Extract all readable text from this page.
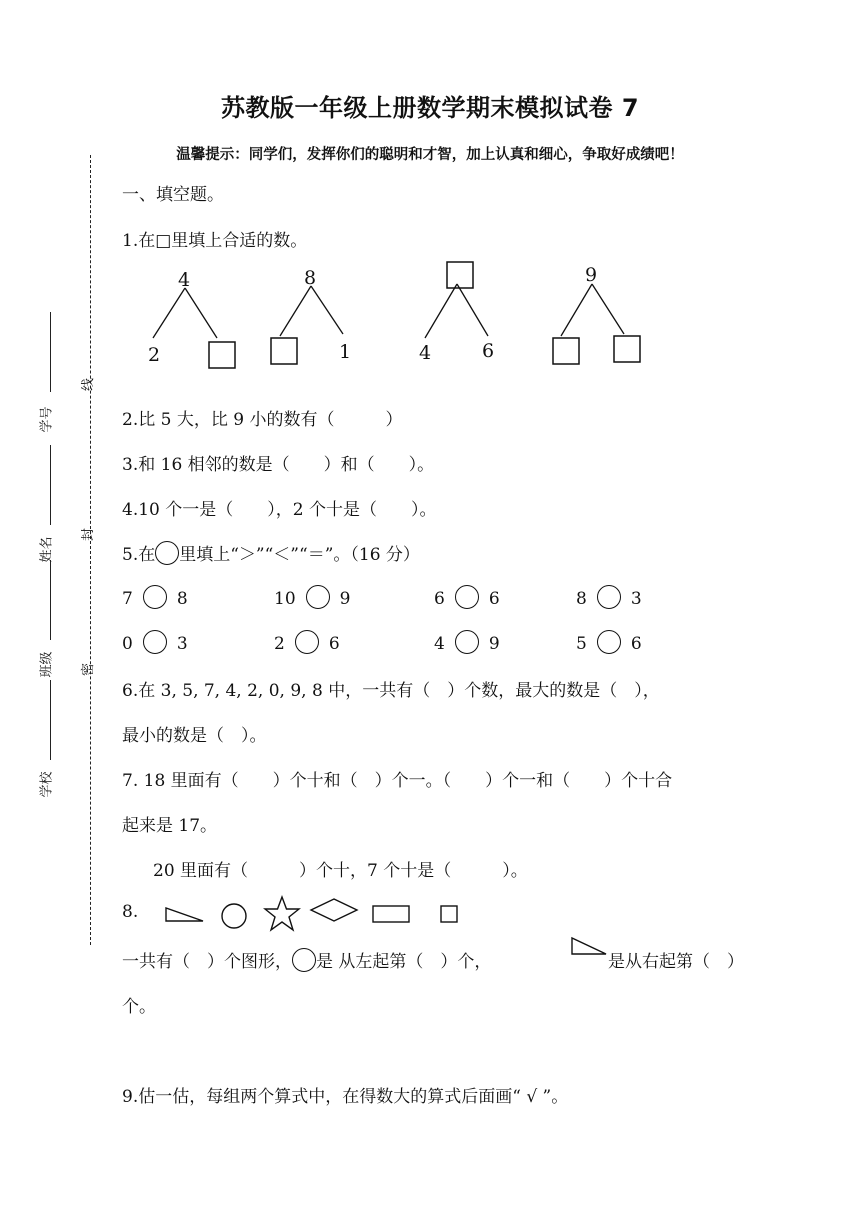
苏教版一年级上册数学期末模拟试卷 7
温馨提示：同学们，发挥你们的聪明和才智，加上认真和细心，争取好成绩吧！
学号
姓名
班级
学校
线
封
密
一、填空题。
1.在□里填上合适的数。
4
2
8
1	4	6
9
2.比 5 大，比 9 小的数有（　　　）
3.和 16 相邻的数是（　　）和（　　）。
4.10 个一是（　　），2 个十是（　　）。
5.在 里填上“＞”“＜”“＝”。（16 分）
7	8	10	9	6	6	8	3
0	3	2	6	4	9	5	6
6.在 3, 5, 7, 4, 2, 0, 9, 8 中，一共有（　）个数，最大的数是（　），
最小的数是（　）。
7. 18 里面有（　　）个十和（　）个一。（　　）个一和（　　）个十合
起来是 17。
20 里面有（　　　）个十，7 个十是（　　　）。
8.
一共有（　）个图形， 是 从左起第（　）个，	是从右起第（　）
个。
9.估一估，每组两个算式中，在得数大的算式后面画“ √ ”。
